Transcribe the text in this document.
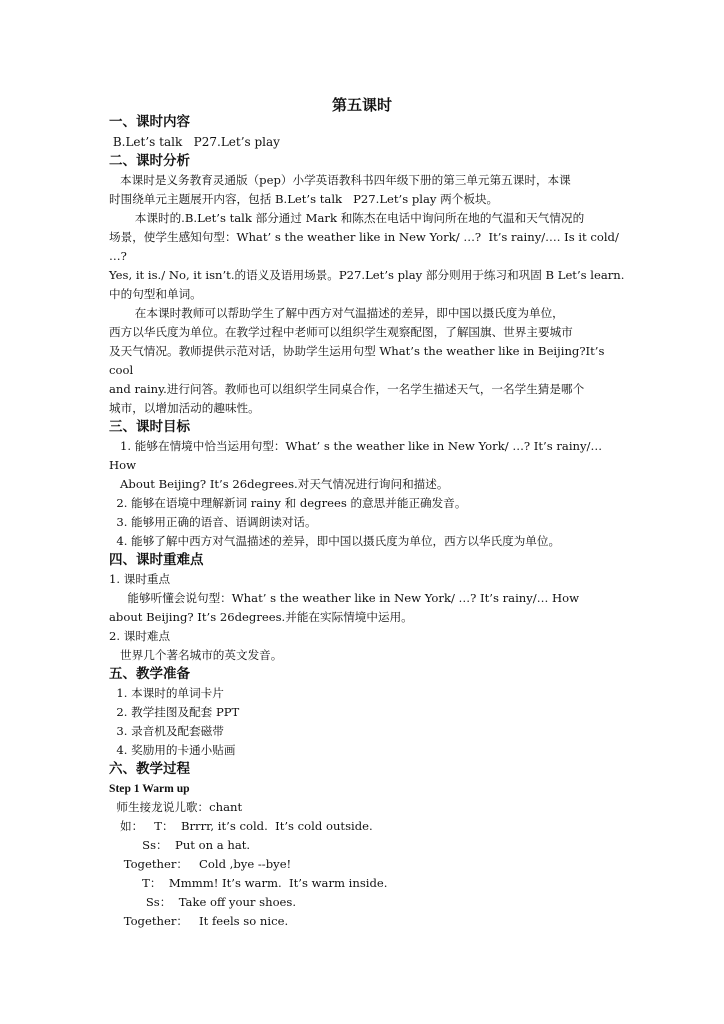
第五课时
一、课时内容
B.Let’s talk   P27.Let’s play
二、课时分析
本课时是义务教育灵通版（pep）小学英语教科书四年级下册的第三单元第五课时，本课
时围绕单元主题展开内容，包括 B.Let’s talk   P27.Let’s play 两个板块。
本课时的.B.Let’s talk 部分通过 Mark 和陈杰在电话中询问所在地的气温和天气情况的
场景，使学生感知句型：What’ s the weather like in New York/ …?  It’s rainy/…. Is it cold/
…?
Yes, it is./ No, it isn’t.的语义及语用场景。P27.Let’s play 部分则用于练习和巩固 B Let’s learn.
中的句型和单词。
在本课时教师可以帮助学生了解中西方对气温描述的差异，即中国以摄氏度为单位，
西方以华氏度为单位。在教学过程中老师可以组织学生观察配图，了解国旗、世界主要城市
及天气情况。教师提供示范对话，协助学生运用句型 What’s the weather like in Beijing?It’s
cool
and rainy.进行问答。教师也可以组织学生同桌合作，一名学生描述天气，一名学生猜是哪个
城市，以增加活动的趣味性。
三、课时目标
1. 能够在情境中恰当运用句型：What’ s the weather like in New York/ …? It’s rainy/…
How
About Beijing? It’s 26degrees.对天气情况进行询问和描述。
2. 能够在语境中理解新词 rainy 和 degrees 的意思并能正确发音。
3. 能够用正确的语音、语调朗读对话。
4. 能够了解中西方对气温描述的差异，即中国以摄氏度为单位，西方以华氏度为单位。
四、课时重难点
1. 课时重点
能够听懂会说句型：What’ s the weather like in New York/ …? It’s rainy/… How
about Beijing? It’s 26degrees.并能在实际情境中运用。
2. 课时难点
世界几个著名城市的英文发音。
五、教学准备
1. 本课时的单词卡片
2. 教学挂图及配套 PPT
3. 录音机及配套磁带
4. 奖励用的卡通小贴画
六、教学过程
Step 1 Warm up
师生接龙说儿歌：chant
如：   T：  Brrrr, it’s cold.  It’s cold outside.
Ss：  Put on a hat.
Together：   Cold ,bye --bye!
T：  Mmmm! It’s warm.  It’s warm inside.
Ss：  Take off your shoes.
Together：   It feels so nice.
